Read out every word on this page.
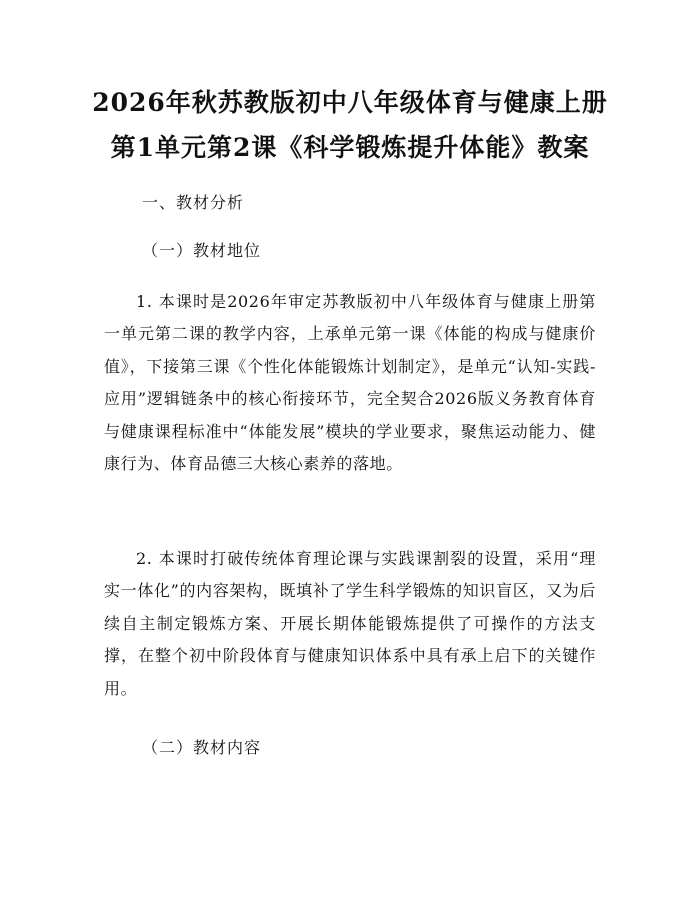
2026年秋苏教版初中八年级体育与健康上册
第1单元第2课《科学锻炼提升体能》教案
一、教材分析
（一）教材地位

1. 本课时是2026年审定苏教版初中八年级体育与健康上册第一单元第二课的教学内容，上承单元第一课《体能的构成与健康价值》，下接第三课《个性化体能锻炼计划制定》，是单元“认知-实践-应用”逻辑链条中的核心衔接环节，完全契合2026版义务教育体育与健康课程标准中“体能发展”模块的学业要求，聚焦运动能力、健康行为、体育品德三大核心素养的落地。

2. 本课时打破传统体育理论课与实践课割裂的设置，采用“理实一体化”的内容架构，既填补了学生科学锻炼的知识盲区，又为后续自主制定锻炼方案、开展长期体能锻炼提供了可操作的方法支撑，在整个初中阶段体育与健康知识体系中具有承上启下的关键作用。

（二）教材内容
